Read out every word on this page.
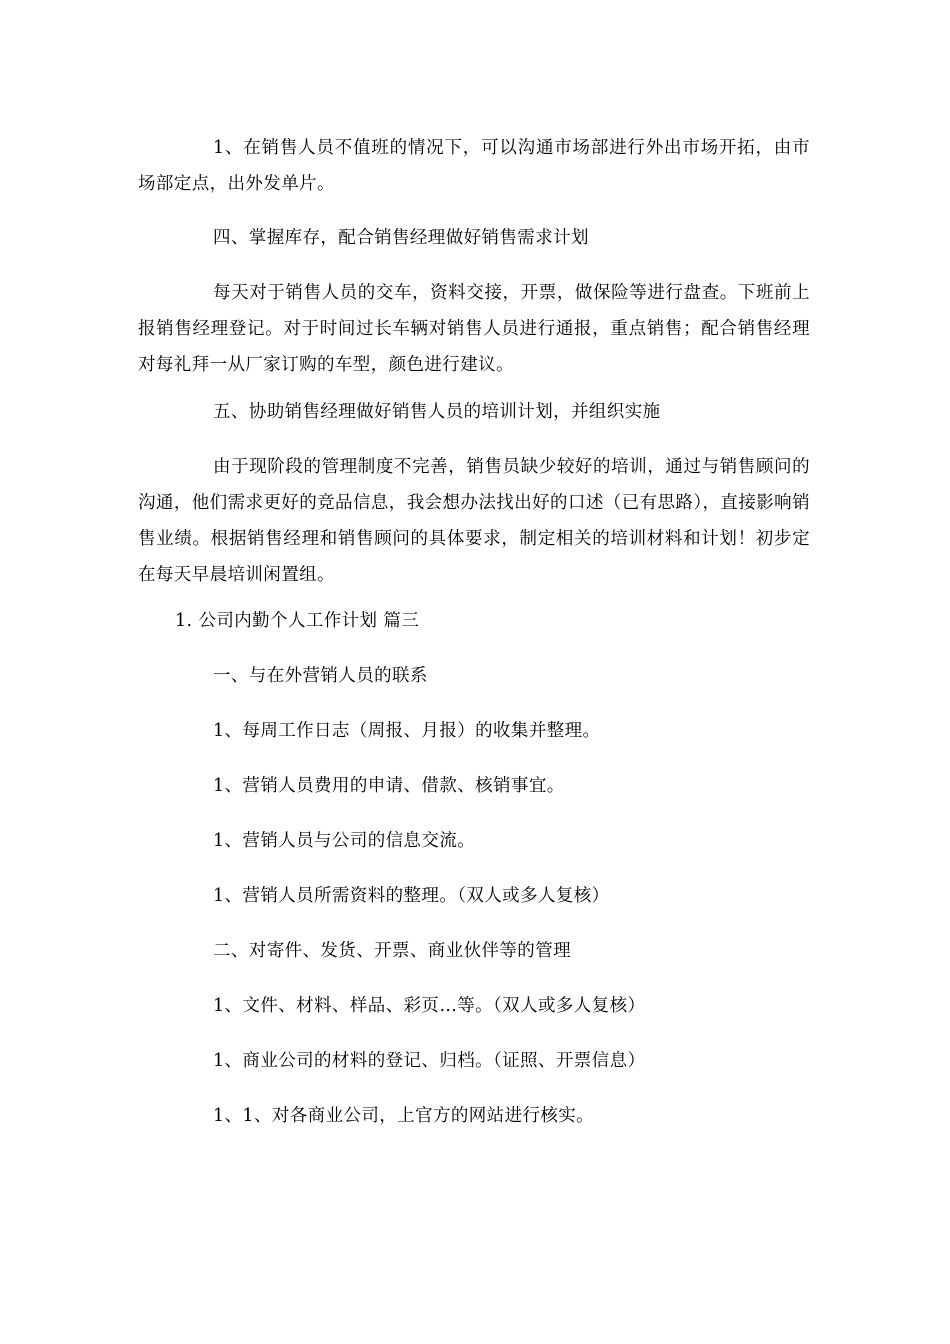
1、在销售人员不值班的情况下，可以沟通市场部进行外出市场开拓，由市场部定点，出外发单片。

四、掌握库存，配合销售经理做好销售需求计划

每天对于销售人员的交车，资料交接，开票，做保险等进行盘查。下班前上报销售经理登记。对于时间过长车辆对销售人员进行通报，重点销售；配合销售经理对每礼拜一从厂家订购的车型，颜色进行建议。

五、协助销售经理做好销售人员的培训计划，并组织实施

由于现阶段的管理制度不完善，销售员缺少较好的培训，通过与销售顾问的沟通，他们需求更好的竞品信息，我会想办法找出好的口述（已有思路），直接影响销售业绩。根据销售经理和销售顾问的具体要求，制定相关的培训材料和计划！初步定在每天早晨培训闲置组。

1. 公司内勤个人工作计划 篇三

一、与在外营销人员的联系

1、每周工作日志（周报、月报）的收集并整理。

1、营销人员费用的申请、借款、核销事宜。

1、营销人员与公司的信息交流。

1、营销人员所需资料的整理。（双人或多人复核）

二、对寄件、发货、开票、商业伙伴等的管理

1、文件、材料、样品、彩页…等。（双人或多人复核）

1、商业公司的材料的登记、归档。（证照、开票信息）

1、1、对各商业公司，上官方的网站进行核实。
